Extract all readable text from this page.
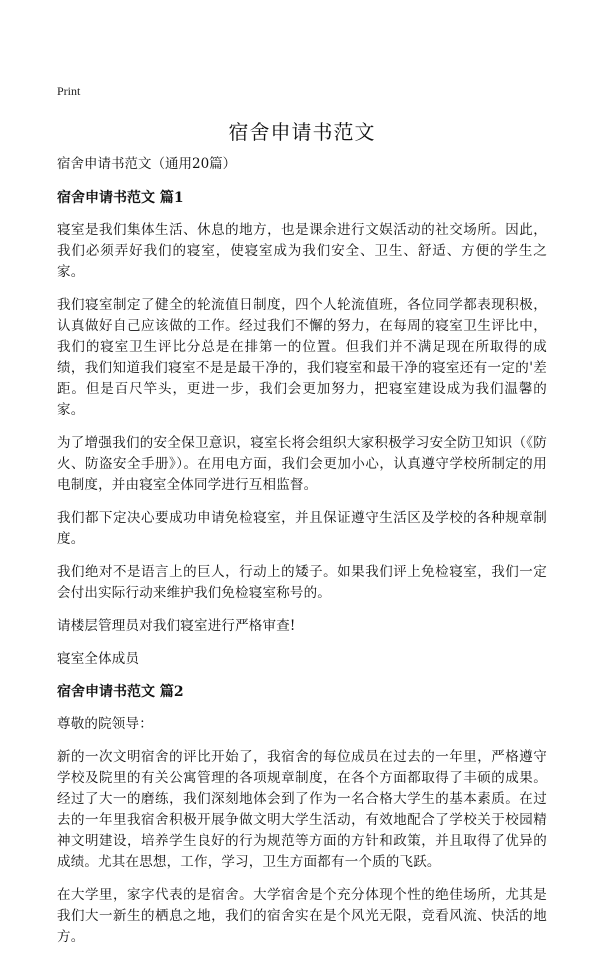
Print
宿舍申请书范文

宿舍申请书范文（通用20篇）

宿舍申请书范文 篇1

寝室是我们集体生活、休息的地方，也是课余进行文娱活动的社交场所。因此，我们必须弄好我们的寝室，使寝室成为我们安全、卫生、舒适、方便的学生之家。

我们寝室制定了健全的轮流值日制度，四个人轮流值班，各位同学都表现积极，认真做好自己应该做的工作。经过我们不懈的努力，在每周的寝室卫生评比中，我们的寝室卫生评比分总是在排第一的位置。但我们并不满足现在所取得的成绩，我们知道我们寝室不是是最干净的，我们寝室和最干净的寝室还有一定的'差距。但是百尺竿头，更进一步，我们会更加努力，把寝室建设成为我们温馨的家。

为了增强我们的安全保卫意识，寝室长将会组织大家积极学习安全防卫知识（《防火、防盗安全手册》）。在用电方面，我们会更加小心，认真遵守学校所制定的用电制度，并由寝室全体同学进行互相监督。

我们都下定决心要成功申请免检寝室，并且保证遵守生活区及学校的各种规章制度。

我们绝对不是语言上的巨人，行动上的矮子。如果我们评上免检寝室，我们一定会付出实际行动来维护我们免检寝室称号的。

请楼层管理员对我们寝室进行严格审查!

寝室全体成员

宿舍申请书范文 篇2

尊敬的院领导：

新的一次文明宿舍的评比开始了，我宿舍的每位成员在过去的一年里，严格遵守学校及院里的有关公寓管理的各项规章制度，在各个方面都取得了丰硕的成果。经过了大一的磨练，我们深刻地体会到了作为一名合格大学生的基本素质。在过去的一年里我宿舍积极开展争做文明大学生活动，有效地配合了学校关于校园精神文明建设，培养学生良好的行为规范等方面的方针和政策，并且取得了优异的成绩。尤其在思想，工作，学习，卫生方面都有一个质的飞跃。

在大学里，家字代表的是宿舍。大学宿舍是个充分体现个性的绝佳场所，尤其是我们大一新生的栖息之地，我们的宿舍实在是个风光无限，竞看风流、快活的地方。
